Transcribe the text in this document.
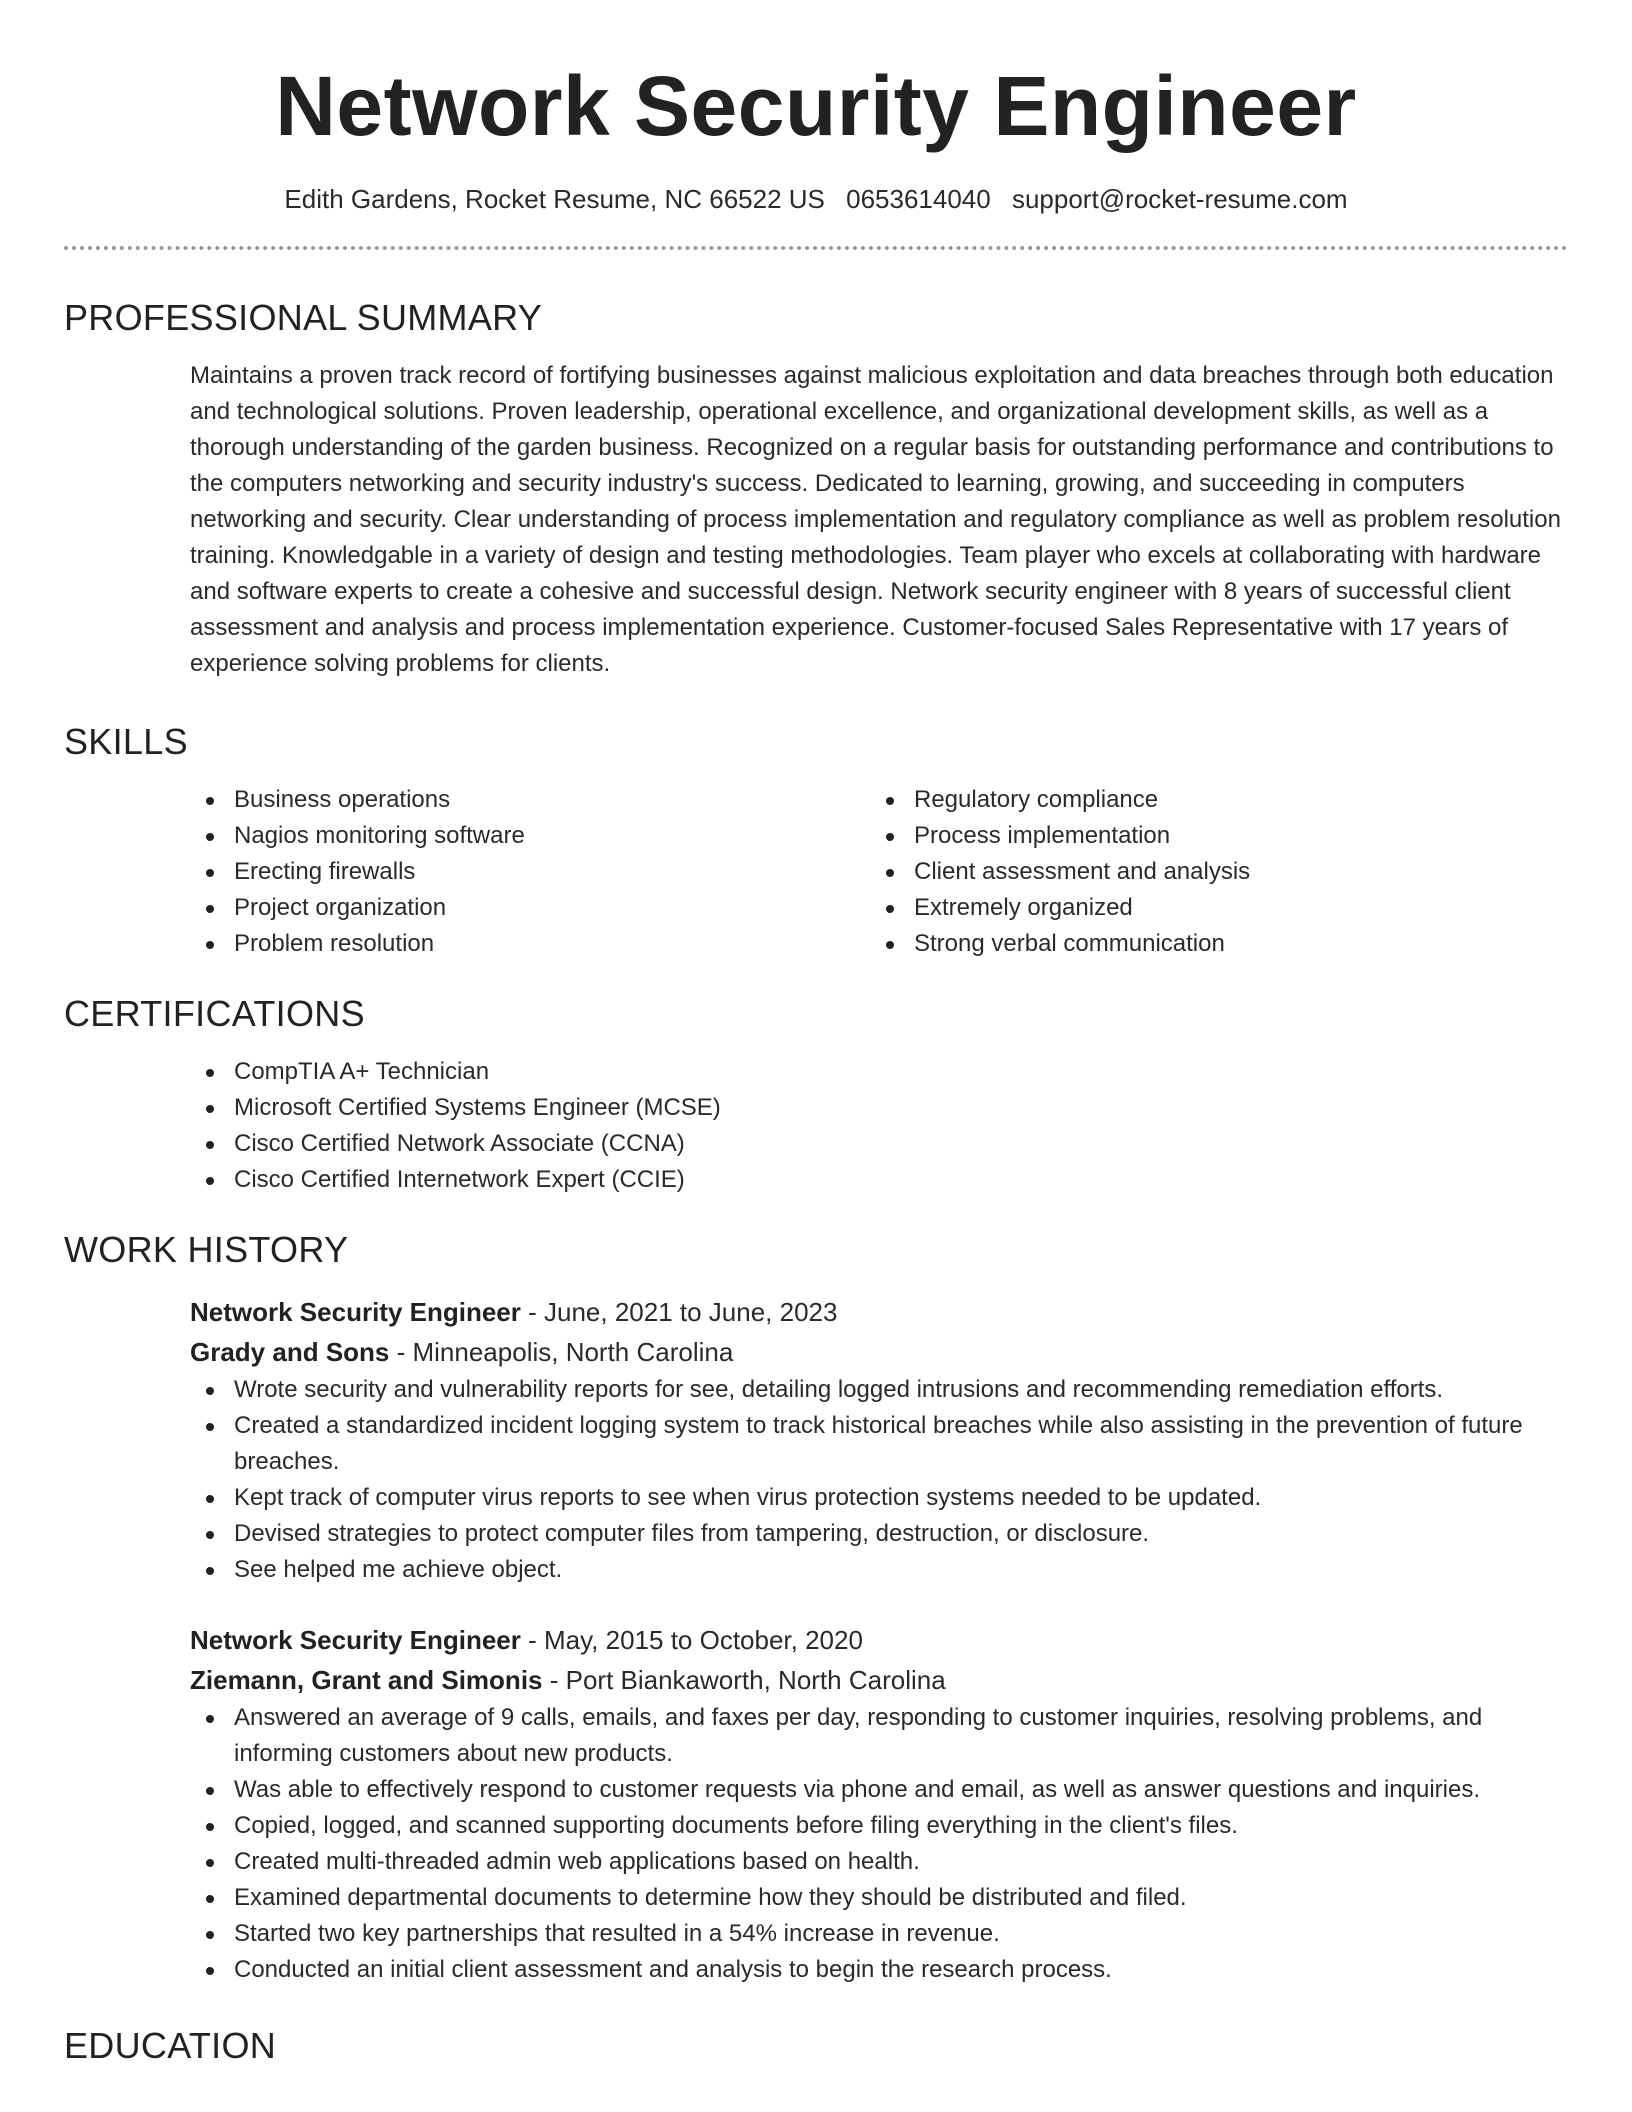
Network Security Engineer
Edith Gardens, Rocket Resume, NC 66522 US 0653614040 support@rocket-resume.com
PROFESSIONAL SUMMARY
Maintains a proven track record of fortifying businesses against malicious exploitation and data breaches through both education and technological solutions. Proven leadership, operational excellence, and organizational development skills, as well as a thorough understanding of the garden business. Recognized on a regular basis for outstanding performance and contributions to the computers networking and security industry's success. Dedicated to learning, growing, and succeeding in computers networking and security. Clear understanding of process implementation and regulatory compliance as well as problem resolution training. Knowledgable in a variety of design and testing methodologies. Team player who excels at collaborating with hardware and software experts to create a cohesive and successful design. Network security engineer with 8 years of successful client assessment and analysis and process implementation experience. Customer-focused Sales Representative with 17 years of experience solving problems for clients.
SKILLS
Business operations
Nagios monitoring software
Erecting firewalls
Project organization
Problem resolution
Regulatory compliance
Process implementation
Client assessment and analysis
Extremely organized
Strong verbal communication
CERTIFICATIONS
CompTIA A+ Technician
Microsoft Certified Systems Engineer (MCSE)
Cisco Certified Network Associate (CCNA)
Cisco Certified Internetwork Expert (CCIE)
WORK HISTORY
Network Security Engineer - June, 2021 to June, 2023
Grady and Sons - Minneapolis, North Carolina
Wrote security and vulnerability reports for see, detailing logged intrusions and recommending remediation efforts.
Created a standardized incident logging system to track historical breaches while also assisting in the prevention of future breaches.
Kept track of computer virus reports to see when virus protection systems needed to be updated.
Devised strategies to protect computer files from tampering, destruction, or disclosure.
See helped me achieve object.
Network Security Engineer - May, 2015 to October, 2020
Ziemann, Grant and Simonis - Port Biankaworth, North Carolina
Answered an average of 9 calls, emails, and faxes per day, responding to customer inquiries, resolving problems, and informing customers about new products.
Was able to effectively respond to customer requests via phone and email, as well as answer questions and inquiries.
Copied, logged, and scanned supporting documents before filing everything in the client's files.
Created multi-threaded admin web applications based on health.
Examined departmental documents to determine how they should be distributed and filed.
Started two key partnerships that resulted in a 54% increase in revenue.
Conducted an initial client assessment and analysis to begin the research process.
EDUCATION
